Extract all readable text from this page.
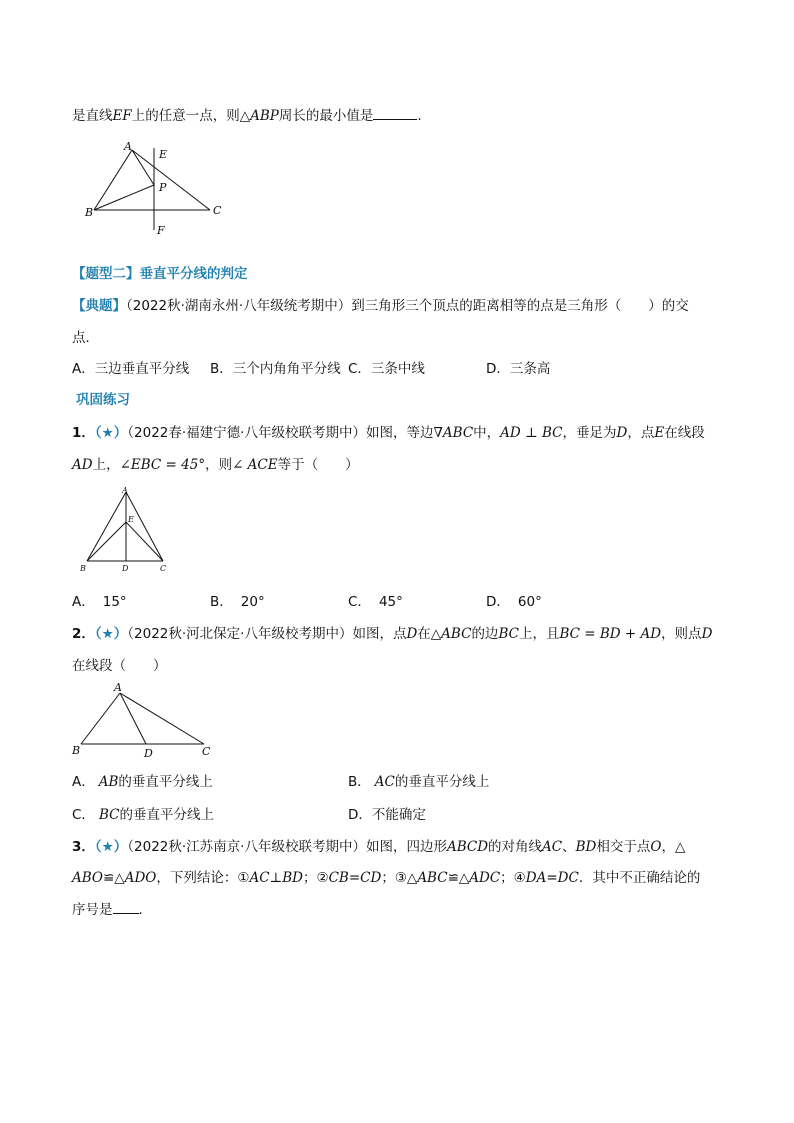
是直线EF上的任意一点，则△ABP周长的最小值是	.
A
B	C
E
P
F
【题型二】垂直平分线的判定
【典题】（2022秋·湖南永州·八年级统考期中）到三角形三个顶点的距离相等的点是三角形（　　）的交
点．
A．三边垂直平分线 B．三个内角角平分线 C．三条中线	D．三条高
巩固练习
1．（★）（2022春·福建宁德·八年级校联考期中）如图，等边∇ABC中，AD ⊥ BC，垂足为D，点E在线段
AD上，∠EBC = 45°，则∠ ACE等于（　　）
A
B	D	C
E
A． 15°	B． 20°	C． 45°	D． 60°
2．（★）（2022秋·河北保定·八年级校考期中）如图，点D在△ABC的边BC上，且BC = BD + AD，则点D
在线段（　　）
A
B	D	C
A． AB的垂直平分线上	B． AC的垂直平分线上
C． BC的垂直平分线上	D．不能确定
3．（★）（2022秋·江苏南京·八年级校联考期中）如图，四边形ABCD的对角线AC、BD相交于点O，△
ABO≌△ADO，下列结论：①AC⊥BD；②CB=CD；③△ABC≌△ADC；④DA=DC．其中不正确结论的
序号是 ．
